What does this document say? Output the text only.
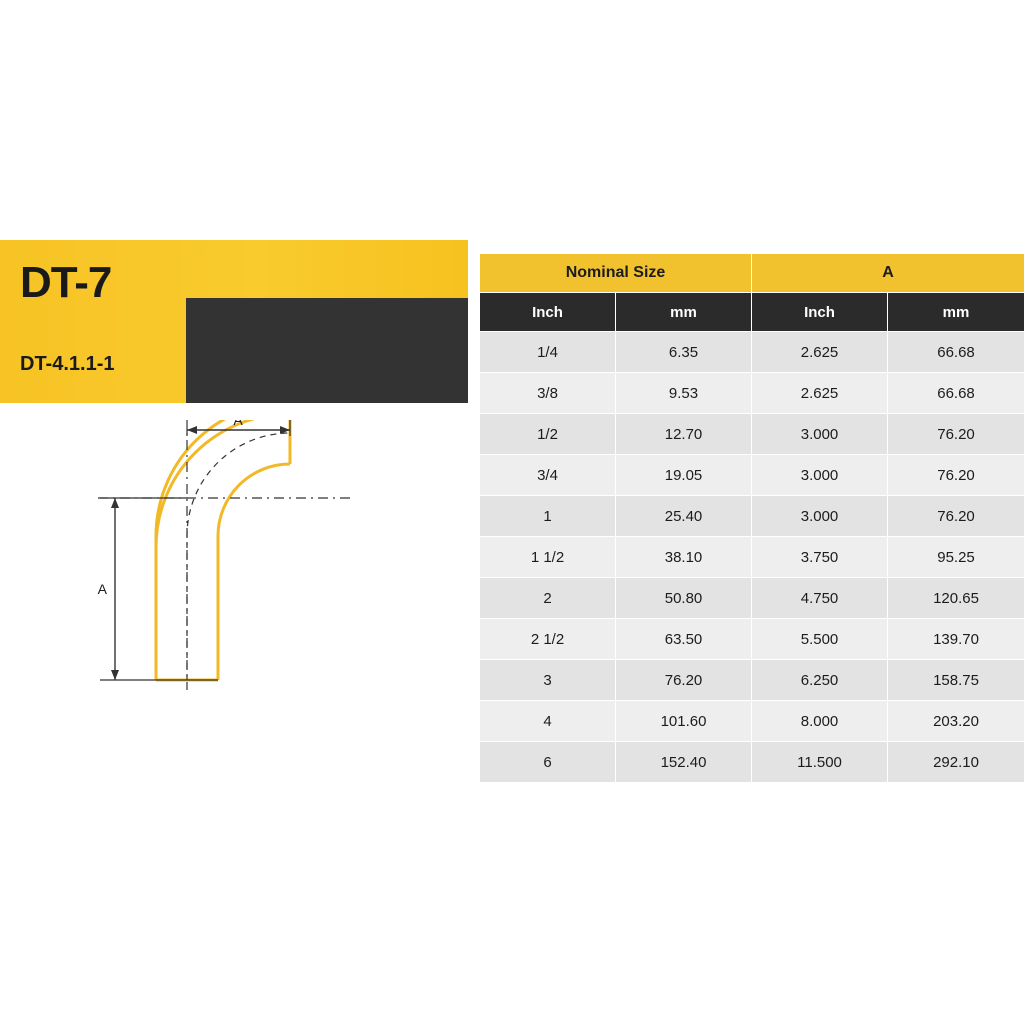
DT-7
DT-4.1.1-1
A
A
Nominal Size		A	
Inch	mm	Inch	mm
1/4	6.35	2.625	66.68
3/8	9.53	2.625	66.68
1/2	12.70	3.000	76.20
3/4	19.05	3.000	76.20
1	25.40	3.000	76.20
1 1/2	38.10	3.750	95.25
2	50.80	4.750	120.65
2 1/2	63.50	5.500	139.70
3	76.20	6.250	158.75
4	101.60	8.000	203.20
6	152.40	11.500	292.10
